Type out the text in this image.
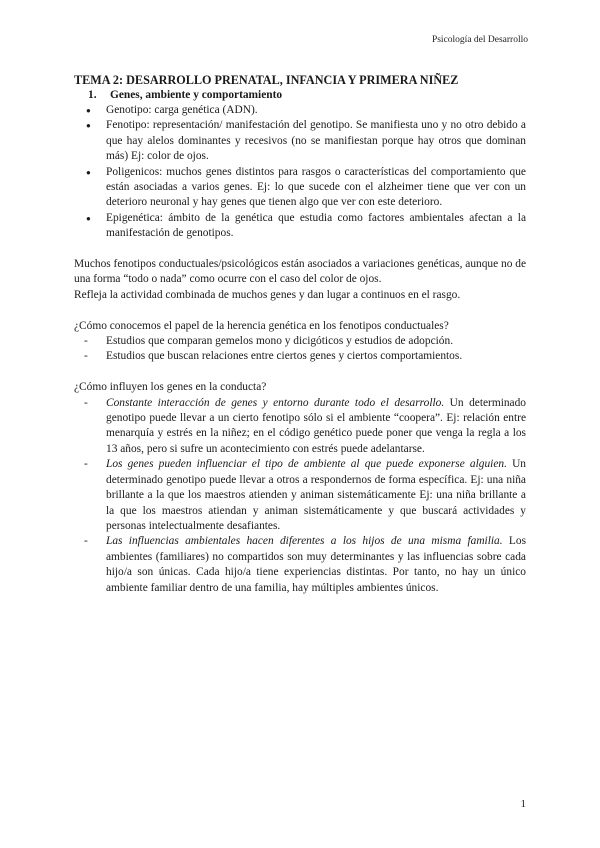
Psicología del Desarrollo
TEMA 2: DESARROLLO PRENATAL, INFANCIA Y PRIMERA NIÑEZ
1.	Genes, ambiente y comportamiento
● Genotipo: carga genética (ADN).
● Fenotipo: representación/ manifestación del genotipo. Se manifiesta uno y no otro debido a que hay alelos dominantes y recesivos (no se manifiestan porque hay otros que dominan más) Ej: color de ojos.
● Poligenicos: muchos genes distintos para rasgos o características del comportamiento que están asociadas a varios genes. Ej: lo que sucede con el alzheimer tiene que ver con un deterioro neuronal y hay genes que tienen algo que ver con este deterioro.
● Epigenética: ámbito de la genética que estudia como factores ambientales afectan a la manifestación de genotipos.

Muchos fenotipos conductuales/psicológicos están asociados a variaciones genéticas, aunque no de una forma “todo o nada” como ocurre con el caso del color de ojos.

Refleja la actividad combinada de muchos genes y dan lugar a continuos en el rasgo.

¿Cómo conocemos el papel de la herencia genética en los fenotipos conductuales?

- Estudios que comparan gemelos mono y dicigóticos y estudios de adopción.
- Estudios que buscan relaciones entre ciertos genes y ciertos comportamientos.

¿Cómo influyen los genes en la conducta?

- Constante interacción de genes y entorno durante todo el desarrollo. Un determinado genotipo puede llevar a un cierto fenotipo sólo si el ambiente “coopera”. Ej: relación entre menarquía y estrés en la niñez; en el código genético puede poner que venga la regla a los 13 años, pero si sufre un acontecimiento con estrés puede adelantarse.
- Los genes pueden influenciar el tipo de ambiente al que puede exponerse alguien. Un determinado genotipo puede llevar a otros a respondernos de forma específica. Ej: una niña brillante a la que los maestros atienden y animan sistemáticamente Ej: una niña brillante a la que los maestros atiendan y animan sistemáticamente y que buscará actividades y personas intelectualmente desafiantes.
- Las influencias ambientales hacen diferentes a los hijos de una misma familia. Los ambientes (familiares) no compartidos son muy determinantes y las influencias sobre cada hijo/a son únicas. Cada hijo/a tiene experiencias distintas. Por tanto, no hay un único ambiente familiar dentro de una familia, hay múltiples ambientes únicos.
1
